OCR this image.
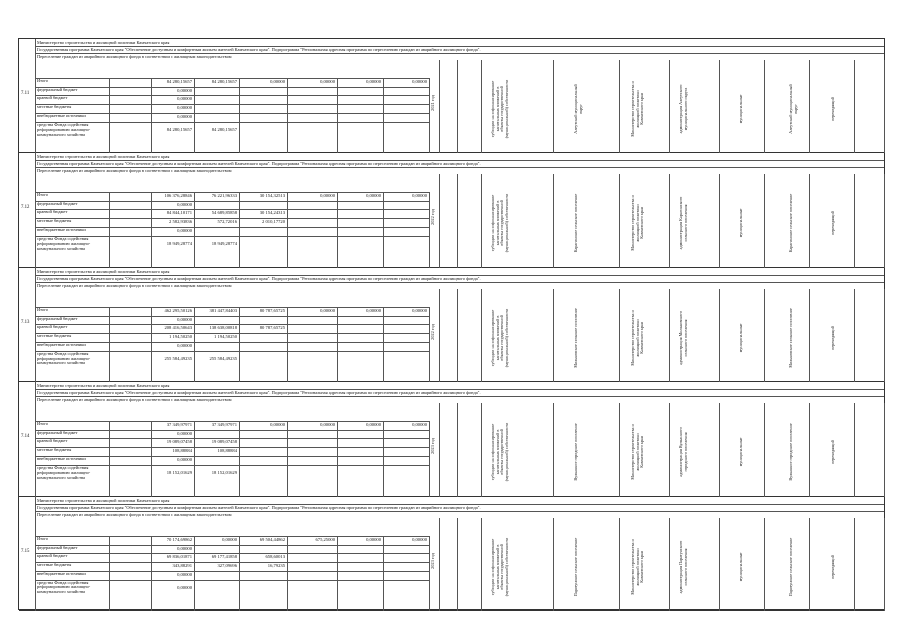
Министерство строительства и жилищной политики Камчатского края
Государственная программа Камчатского края "Обеспечение доступным и комфортным жильем жителей Камчатского края". Подпрограмма "Региональная адресная программа по переселению граждан из аварийного жилищного фонда".
Переселение граждан из аварийного жилищного фонда в соответствии с жилищным законодательством
7.11
Итого	84 280,15657	84 280,15657	0,00000	0,00000	0,00000	0,00000
федеральный бюджет	0,00000
краевой бюджет	0,00000
местные бюджеты	0,00000
внебюджетные источники	0,00000
средства Фонда содействия реформированию жилищно-коммунального хозяйства
84 280,15657	84 280,15657
2021 год	субсидии на софинансирование капитальных вложений в объекты государственной (муниципальной) собственности	Алеутский муниципальный округ	Министерство строительства и жилищной политики Камчатского края	администрация Алеутского муниципального округа	муниципальные	Алеутский муниципальный округ	переходящий
Министерство строительства и жилищной политики Камчатского края
Государственная программа Камчатского края "Обеспечение доступным и комфортным жильем жителей Камчатского края". Подпрограмма "Региональная адресная программа по переселению граждан из аварийного жилищного фонда".
Переселение граждан из аварийного жилищного фонда в соответствии с жилищным законодательством
7.12
Итого	106 376,28846	76 221,96333	30 154,32513	0,00000	0,00000	0,00000
федеральный бюджет	0,00000
краевой бюджет	84 844,10171	54 689,85858	30 154,24313
местные бюджеты	2 582,93836	572,72016	2 010,17720
внебюджетные источники	0,00000
средства Фонда содействия реформированию жилищно-коммунального хозяйства
18 949,28774	18 949,28774
2022 год	субсидии на софинансирование капитальных вложений в объекты государственной (муниципальной) собственности	Карагинское сельское поселение	Министерство строительства и жилищной политики Камчатского края	администрация Карагинского сельского поселения	муниципальные	Карагинское сельское поселение	переходящий
Министерство строительства и жилищной политики Камчатского края
Государственная программа Камчатского края "Обеспечение доступным и комфортным жильем жителей Камчатского края". Подпрограмма "Региональная адресная программа по переселению граждан из аварийного жилищного фонда".
Переселение граждан из аварийного жилищного фонда в соответствии с жилищным законодательством
7.13
Итого	462 295,50126	381 447,84403	80 787,65725	0,00000	0,00000	0,00000
федеральный бюджет	0,00000
краевой бюджет	208 416,50643	138 638,00818	80 787,65725
местные бюджеты	1 194,50250	1 194,50250
внебюджетные источники	0,00000
средства Фонда содействия реформированию жилищно-коммунального хозяйства
255 584,49235	255 584,49235
2022 год	субсидии на софинансирование капитальных вложений в объекты государственной (муниципальной) собственности	Мильковское сельское поселение	Министерство строительства и жилищной политики Камчатского края	администрация Мильковского сельского поселения	муниципальные	Мильковское сельское поселение	переходящий
Министерство строительства и жилищной политики Камчатского края
Государственная программа Камчатского края "Обеспечение доступным и комфортным жильем жителей Камчатского края". Подпрограмма "Региональная адресная программа по переселению граждан из аварийного жилищного фонда".
Переселение граждан из аварийного жилищного фонда в соответствии с жилищным законодательством
7.14
Итого	37 349,97971	37 349,97971	0,00000	0,00000	0,00000	0,00000
федеральный бюджет	0,00000
краевой бюджет	19 089,07458	19 089,07458
местные бюджеты	108,88884	108,88884
внебюджетные источники	0,00000
средства Фонда содействия реформированию жилищно-коммунального хозяйства
18 152,01629	18 152,01629
2023 год	субсидии на софинансирование капитальных вложений в объекты государственной (муниципальной) собственности	Вулканное городское поселение	Министерство строительства и жилищной политики Камчатского края	администрация Вулканного городского поселения	муниципальные	Вулканное городское поселение	переходящий
Министерство строительства и жилищной политики Камчатского края
Государственная программа Камчатского края "Обеспечение доступным и комфортным жильем жителей Камчатского края". Подпрограмма "Региональная адресная программа по переселению граждан из аварийного жилищного фонда".
Переселение граждан из аварийного жилищного фонда в соответствии с жилищным законодательством
7.15
Итого	70 174,69862	0,00000	69 504,44862	675,25000	0,00000	0,00000
федеральный бюджет	0,00000
краевой бюджет	69 836,01871	69 177,41858	658,60013
местные бюджеты	343,88291	327,09696	16,79235
внебюджетные источники	0,00000
средства Фонда содействия реформированию жилищно-коммунального хозяйства
0,00000
2023 год	субсидии на софинансирование капитальных вложений в объекты государственной (муниципальной) собственности	Паратунское сельское поселение	Министерство строительства и жилищной политики Камчатского края	администрация Паратунского сельского поселения	муниципальные	Паратунское сельское поселение	переходящий
